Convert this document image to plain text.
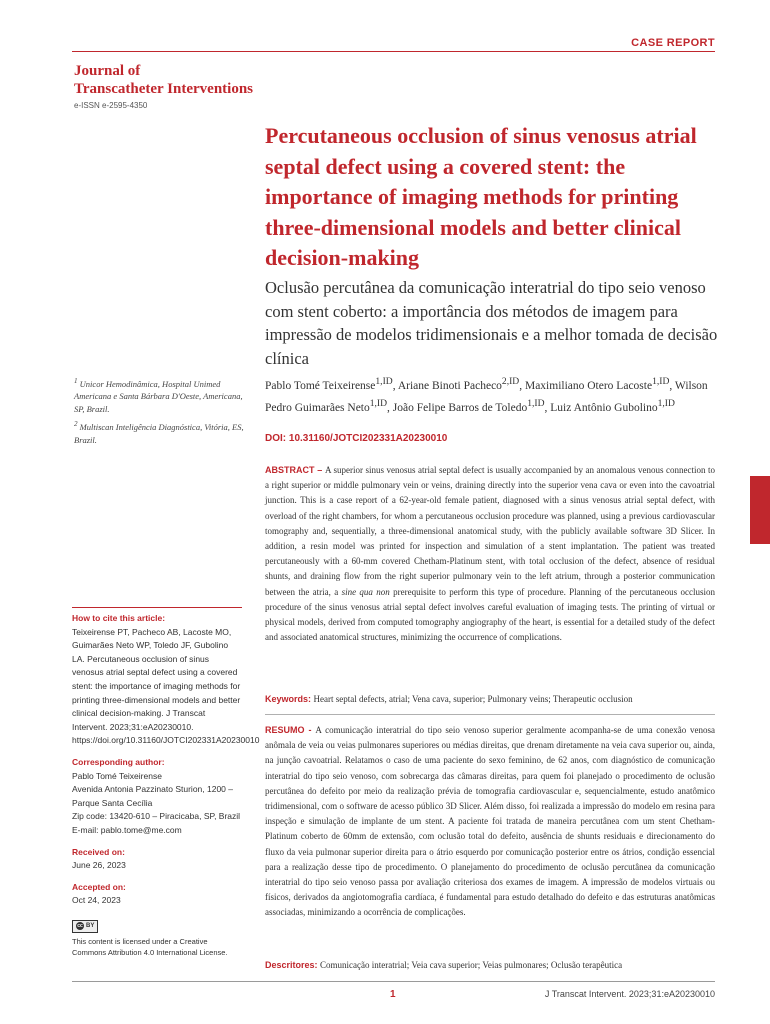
CASE REPORT
Journal of
Transcatheter Interventions
e-ISSN e-2595-4350
Percutaneous occlusion of sinus venosus atrial septal defect using a covered stent: the importance of imaging methods for printing three-dimensional models and better clinical decision-making

Oclusão percutânea da comunicação interatrial do tipo seio venoso com stent coberto: a importância dos métodos de imagem para impressão de modelos tridimensionais e a melhor tomada de decisão clínica

Pablo Tomé Teixeirense$^{1,ID}$, Ariane Binoti Pacheco$^{2,ID}$, Maximiliano Otero Lacoste$^{1,ID}$, Wilson Pedro Guimarães Neto$^{1,ID}$, João Felipe Barros de Toledo$^{1,ID}$, Luiz Antônio Gubolino$^{1,ID}$
DOI: 10.31160/JOTCI202331A20230010

$^1$ Unicor Hemodinâmica, Hospital Unimed Americana e Santa Bárbara D'Oeste, Americana, SP, Brazil.

$^2$ Multiscan Inteligência Diagnóstica, Vitória, ES, Brazil.

ABSTRACT – A superior sinus venosus atrial septal defect is usually accompanied by an anomalous venous connection to a right superior or middle pulmonary vein or veins, draining directly into the superior vena cava or even into the cavoatrial junction. This is a case report of a 62-year-old female patient, diagnosed with a sinus venosus atrial septal defect, with overload of the right chambers, for whom a percutaneous occlusion procedure was planned, using a previous cardiovascular tomography and, sequentially, a three-dimensional anatomical study, with the publicly available software 3D Slicer. In addition, a resin model was printed for inspection and simulation of a stent implantation. The patient was treated percutaneously with a 60-mm covered Chetham-Platinum stent, with total occlusion of the defect, absence of residual shunts, and draining flow from the right superior pulmonary vein to the left atrium, through a posterior communication between the atria, a sine qua non prerequisite to perform this type of procedure. Planning of the percutaneous occlusion procedure of the sinus venosus atrial septal defect involves careful evaluation of imaging tests. The printing of virtual or physical models, derived from computed tomography angiography of the heart, is essential for a detailed study of the defect and associated anatomical structures, minimizing the occurrence of complications.

Keywords: Heart septal defects, atrial; Vena cava, superior; Pulmonary veins; Therapeutic occlusion

RESUMO - A comunicação interatrial do tipo seio venoso superior geralmente acompanha-se de uma conexão venosa anômala de veia ou veias pulmonares superiores ou médias direitas, que drenam diretamente na veia cava superior ou, ainda, na junção cavoatrial. Relatamos o caso de uma paciente do sexo feminino, de 62 anos, com diagnóstico de comunicação interatrial do tipo seio venoso, com sobrecarga das câmaras direitas, para quem foi planejado o procedimento de oclusão percutânea do defeito por meio da realização prévia de tomografia cardiovascular e, sequencialmente, estudo anatômico tridimensional, com o software de acesso público 3D Slicer. Além disso, foi realizada a impressão do modelo em resina para inspeção e simulação de implante de um stent. A paciente foi tratada de maneira percutânea com um stent Chetham-Platinum coberto de 60mm de extensão, com oclusão total do defeito, ausência de shunts residuais e direcionamento do fluxo da veia pulmonar superior direita para o átrio esquerdo por comunicação posterior entre os átrios, condição essencial para a realização desse tipo de procedimento. O planejamento do procedimento de oclusão percutânea da comunicação interatrial do tipo seio venoso passa por avaliação criteriosa dos exames de imagem. A impressão de modelos virtuais ou físicos, derivados da angiotomografia cardíaca, é fundamental para estudo detalhado do defeito e das estruturas anatômicas associadas, minimizando a ocorrência de complicações.

Descritores: Comunicação interatrial; Veia cava superior; Veias pulmonares; Oclusão terapêutica
How to cite this article:

Teixeirense PT, Pacheco AB, Lacoste MO, Guimarães Neto WP, Toledo JF, Gubolino LA. Percutaneous occlusion of sinus venosus atrial septal defect using a covered stent: the importance of imaging methods for printing three-dimensional models and better clinical decision-making. J Transcat Intervent. 2023;31:eA20230010. https://doi.org/10.31160/JOTCI202331A20230010

Corresponding author:
Pablo Tomé Teixeirense
Avenida Antonia Pazzinato Sturion, 1200 – Parque Santa Cecília
Zip code: 13420-610 – Piracicaba, SP, Brazil
E-mail: pablo.tome@me.com
Received on:
June 26, 2023
Accepted on:
Oct 24, 2023
cc BY
This content is licensed under a Creative Commons Attribution 4.0 International License.
1	J Transcat Intervent. 2023;31:eA20230010
